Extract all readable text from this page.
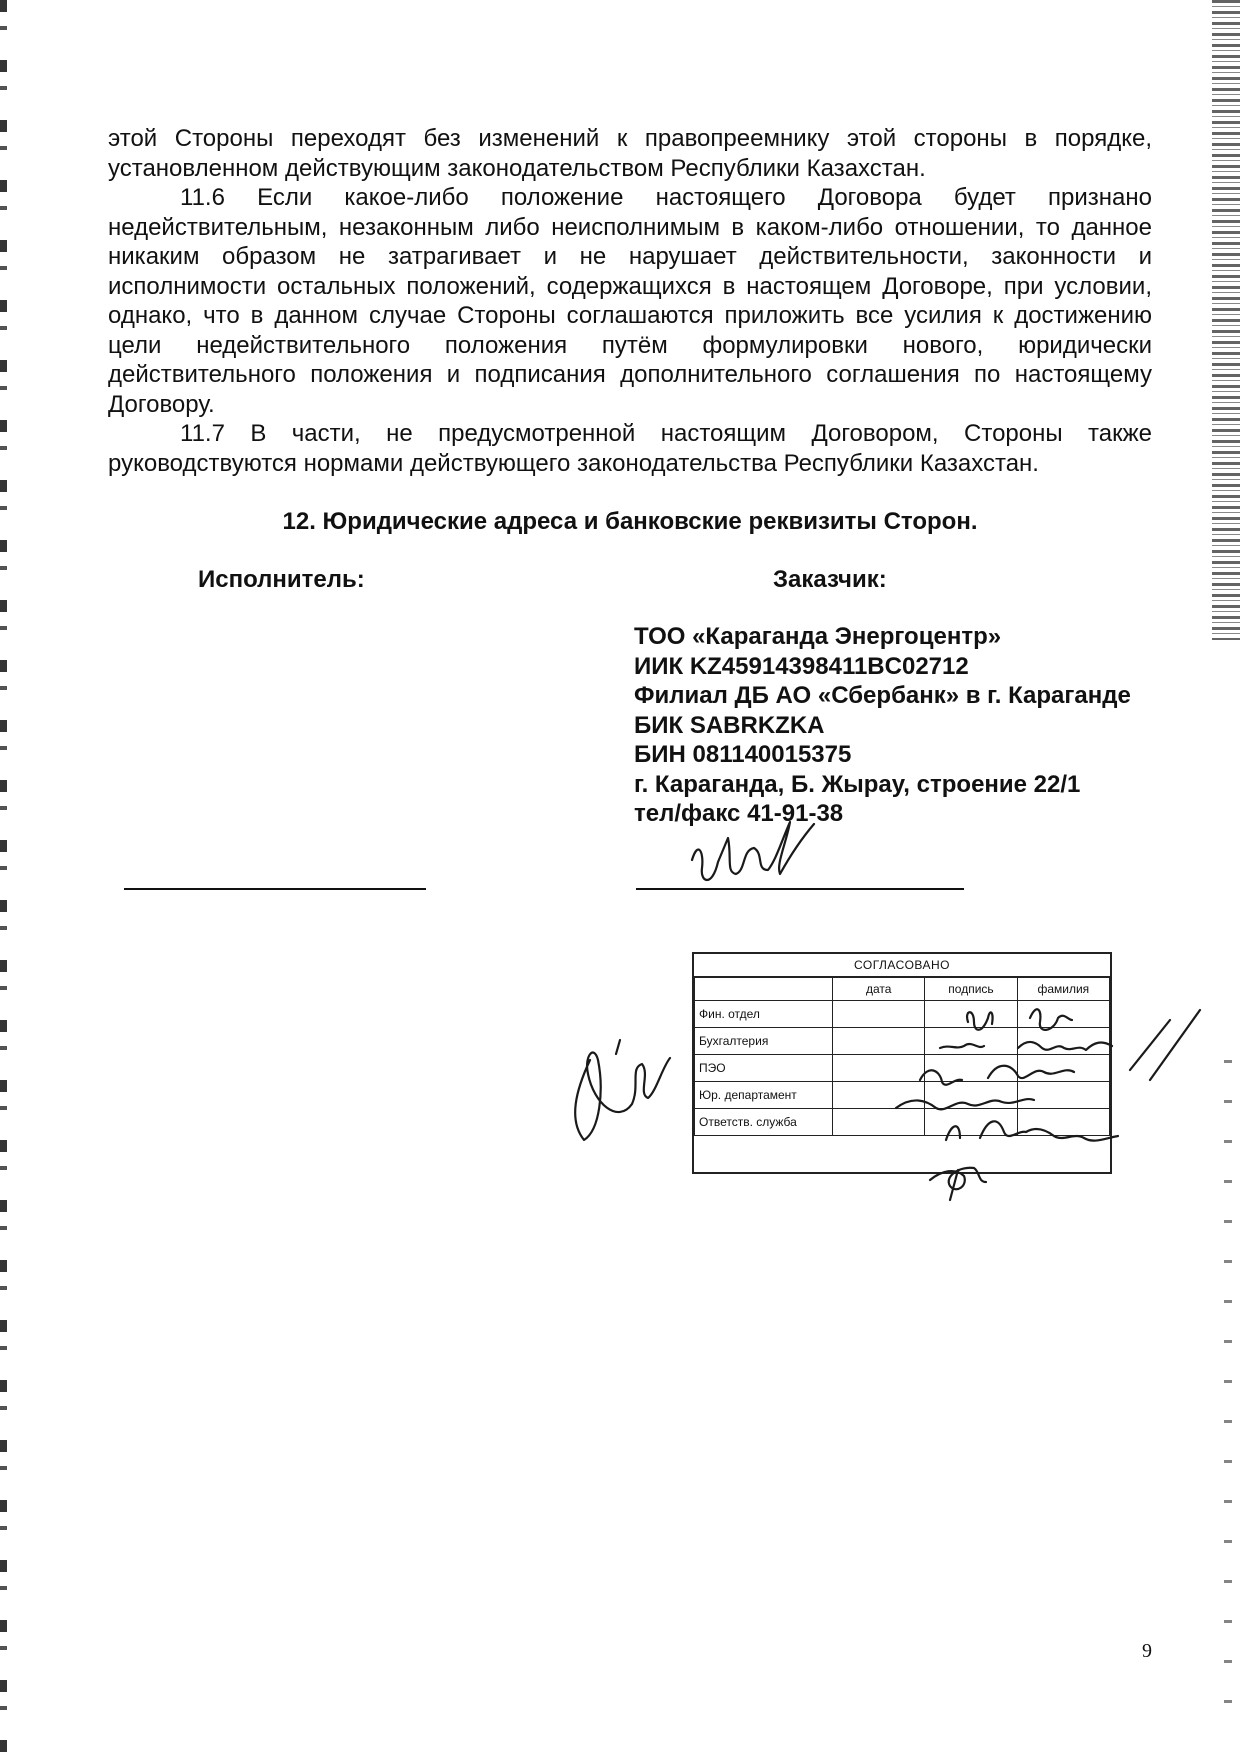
этой Стороны переходят без изменений к правопреемнику этой стороны в порядке, установленном действующим законодательством Республики Казахстан.

11.6 Если какое-либо положение настоящего Договора будет признано недействительным, незаконным либо неисполнимым в каком-либо отношении, то данное никаким образом не затрагивает и не нарушает действительности, законности и исполнимости остальных положений, содержащихся в настоящем Договоре, при условии, однако, что в данном случае Стороны соглашаются приложить все усилия к достижению цели недействительного положения путём формулировки нового, юридически действительного положения и подписания дополнительного соглашения по настоящему Договору.

11.7 В части, не предусмотренной настоящим Договором, Стороны также руководствуются нормами действующего законодательства Республики Казахстан.

12. Юридические адреса и банковские реквизиты Сторон.
Исполнитель:	Заказчик:
ТОО «Караганда Энергоцентр»
ИИК KZ45914398411BC02712
Филиал ДБ АО «Сбербанк» в г. Караганде
БИК SABRKZKA
БИН 081140015375
г. Караганда, Б. Жырау, строение 22/1
тел/факс 41-91-38
СОГЛАСОВАНО
	дата	подпись	фамилия
Фин. отдел			
Бухгалтерия			
ПЭО			
Юр. департамент			
Ответств. служба			
9
